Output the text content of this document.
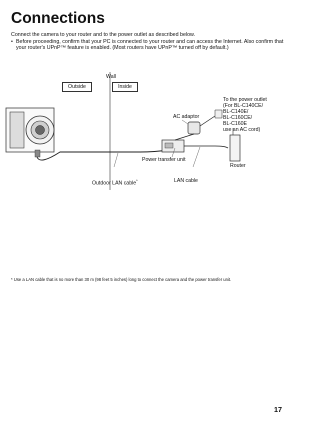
Connections
Connect the camera to your router and to the power outlet as described below.
• Before proceeding, confirm that your PC is connected to your router and can access the Internet. Also confirm that your router's UPnP™ feature is enabled. (Most routers have UPnP™ turned off by default.)
Wall
Outside	Inside
To the power outlet
(For BL-C140CE/
BL-C140E/
BL-C160CE/
BL-C160E
use an AC cord)
AC adaptor
Power transfer unit
Router
Outdoor LAN cable*	LAN cable
* Use a LAN cable that is no more than 30 m (98 feet 5 inches) long to connect the camera and the power transfer unit.
17
